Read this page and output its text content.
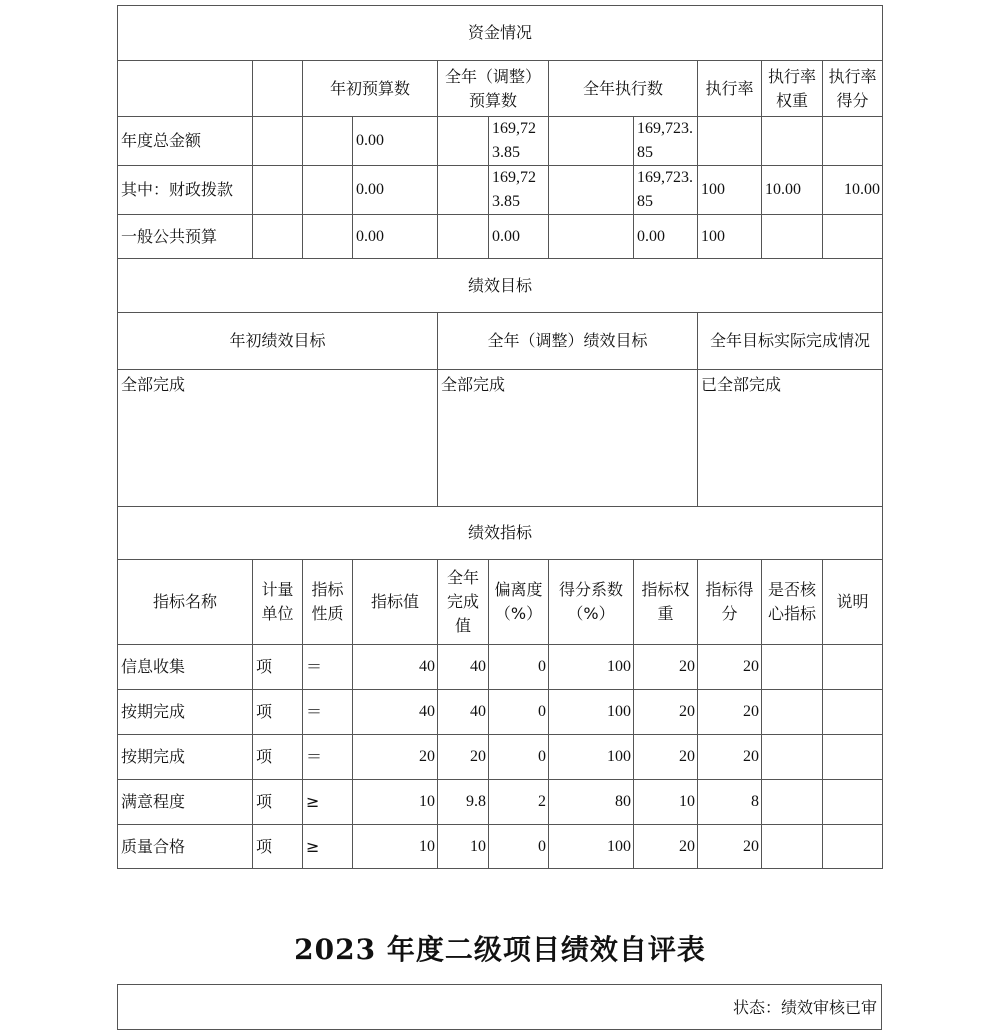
资金情况										
		年初预算数		全年（调整）预算数		全年执行数		执行率	执行率权重	执行率得分
年度总金额			0.00		169,723.85		169,723.85			
其中：财政拨款			0.00		169,723.85		169,723.85	100	10.00	10.00
一般公共预算			0.00		0.00		0.00	100		
绩效目标										
年初绩效目标				全年（调整）绩效目标				全年目标实际完成情况		
全部完成				全部完成				已全部完成		
绩效指标										
指标名称	计量单位	指标性质	指标值	全年完成值	偏离度（%）	得分系数（%）	指标权重	指标得分	是否核心指标	说明
信息收集	项	＝	40	40	0	100	20	20		
按期完成	项	＝	40	40	0	100	20	20		
按期完成	项	＝	20	20	0	100	20	20		
满意程度	项	≥	10	9.8	2	80	10	8		
质量合格	项	≥	10	10	0	100	20	20		
2023 年度二级项目绩效自评表
状态：绩效审核已审
